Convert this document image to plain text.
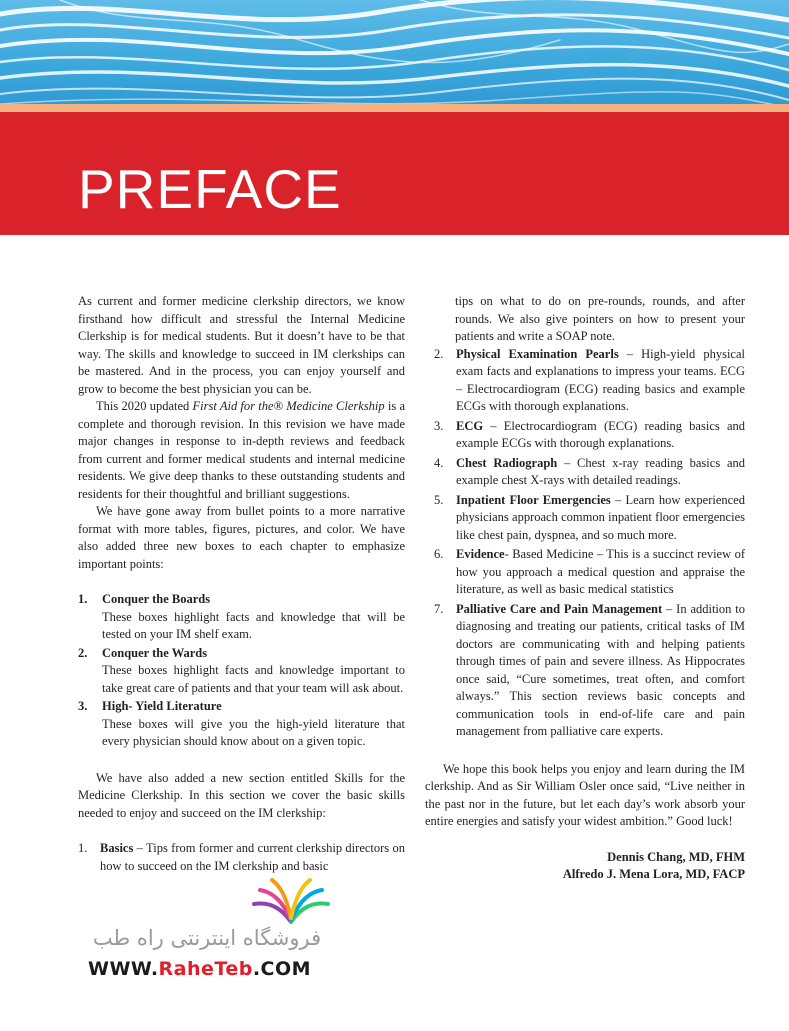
PREFACE

As current and former medicine clerkship directors, we know firsthand how difficult and stressful the Internal Medicine Clerkship is for medical students. But it doesn’t have to be that way. The skills and knowledge to succeed in IM clerkships can be mastered. And in the process, you can enjoy yourself and grow to become the best physician you can be.

This 2020 updated First Aid for the® Medicine Clerkship is a complete and thorough revision. In this revision we have made major changes in response to in-depth reviews and feedback from current and former medical students and internal medicine residents. We give deep thanks to these outstanding students and residents for their thoughtful and brilliant suggestions.

We have gone away from bullet points to a more narrative format with more tables, figures, pictures, and color. We have also added three new boxes to each chapter to emphasize important points:

1.	Conquer the Boards
These boxes highlight facts and knowledge that will be tested on your IM shelf exam.
2.	Conquer the Wards
These boxes highlight facts and knowledge important to take great care of patients and that your team will ask about.
3.	High- Yield Literature
These boxes will give you the high-yield literature that every physician should know about on a given topic.

We have also added a new section entitled Skills for the Medicine Clerkship. In this section we cover the basic skills needed to enjoy and succeed on the IM clerkship:

1.	Basics – Tips from former and current clerkship directors on how to succeed on the IM clerkship and basic

tips on what to do on pre-rounds, rounds, and after rounds. We also give pointers on how to present your patients and write a SOAP note.

2.	Physical Examination Pearls – High-yield physical exam facts and explanations to impress your teams. ECG – Electrocardiogram (ECG) reading basics and example ECGs with thorough explanations.
3.	ECG – Electrocardiogram (ECG) reading basics and example ECGs with thorough explanations.
4.	Chest Radiograph – Chest x-ray reading basics and example chest X-rays with detailed readings.
5.	Inpatient Floor Emergencies – Learn how experienced physicians approach common inpatient floor emergencies like chest pain, dyspnea, and so much more.
6.	Evidence- Based Medicine – This is a succinct review of how you approach a medical question and appraise the literature, as well as basic medical statistics
7.	Palliative Care and Pain Management – In addition to diagnosing and treating our patients, critical tasks of IM doctors are communicating with and helping patients through times of pain and severe illness. As Hippocrates once said, “Cure sometimes, treat often, and comfort always.” This section reviews basic concepts and communication tools in end-of-life care and pain management from palliative care experts.

We hope this book helps you enjoy and learn during the IM clerkship. And as Sir William Osler once said, “Live neither in the past nor in the future, but let each day’s work absorb your entire energies and satisfy your widest ambition.” Good luck!

Dennis Chang, MD, FHM

Alfredo J. Mena Lora, MD, FACP

فروشگاه اینترنتی راه طب
WWW.RaheTeb.COM
